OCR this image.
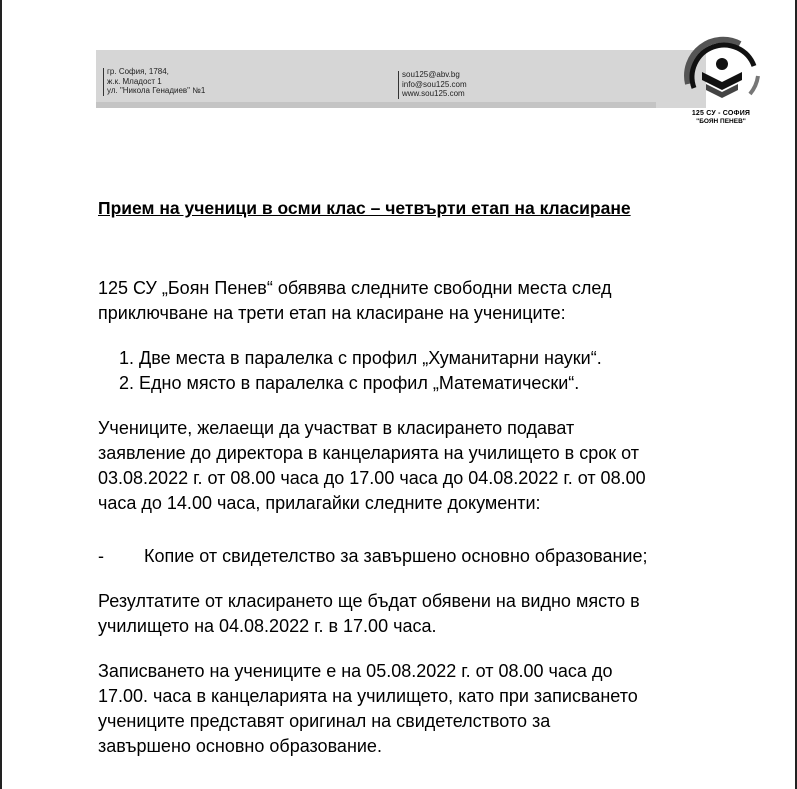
гр. София, 1784,
ж.к. Младост 1
ул. "Никола Генадиев" №1
sou125@abv.bg
info@sou125.com
www.sou125.com
125 СУ - СОФИЯ
"БОЯН ПЕНЕВ"
Прием на ученици в осми клас – четвърти етап на класиране
125 СУ „Боян Пенев“ обявява следните свободни места след
приключване на трети етап на класиране на учениците:
1. Две места в паралелка с профил „Хуманитарни науки“.
2. Едно място в паралелка с профил „Математически“.
Учениците, желаещи да участват в класирането подават
заявление до директора в канцеларията на училището в срок от
03.08.2022 г. от 08.00 часа до 17.00 часа до 04.08.2022 г. от 08.00
часа до 14.00 часа, прилагайки следните документи:
- Копие от свидетелство за завършено основно образование;
Резултатите от класирането ще бъдат обявени на видно място в
училището на 04.08.2022 г. в 17.00 часа.
Записването на учениците е на 05.08.2022 г. от 08.00 часа до
17.00. часа в канцеларията на училището, като при записването
учениците представят оригинал на свидетелството за
завършено основно образование.
